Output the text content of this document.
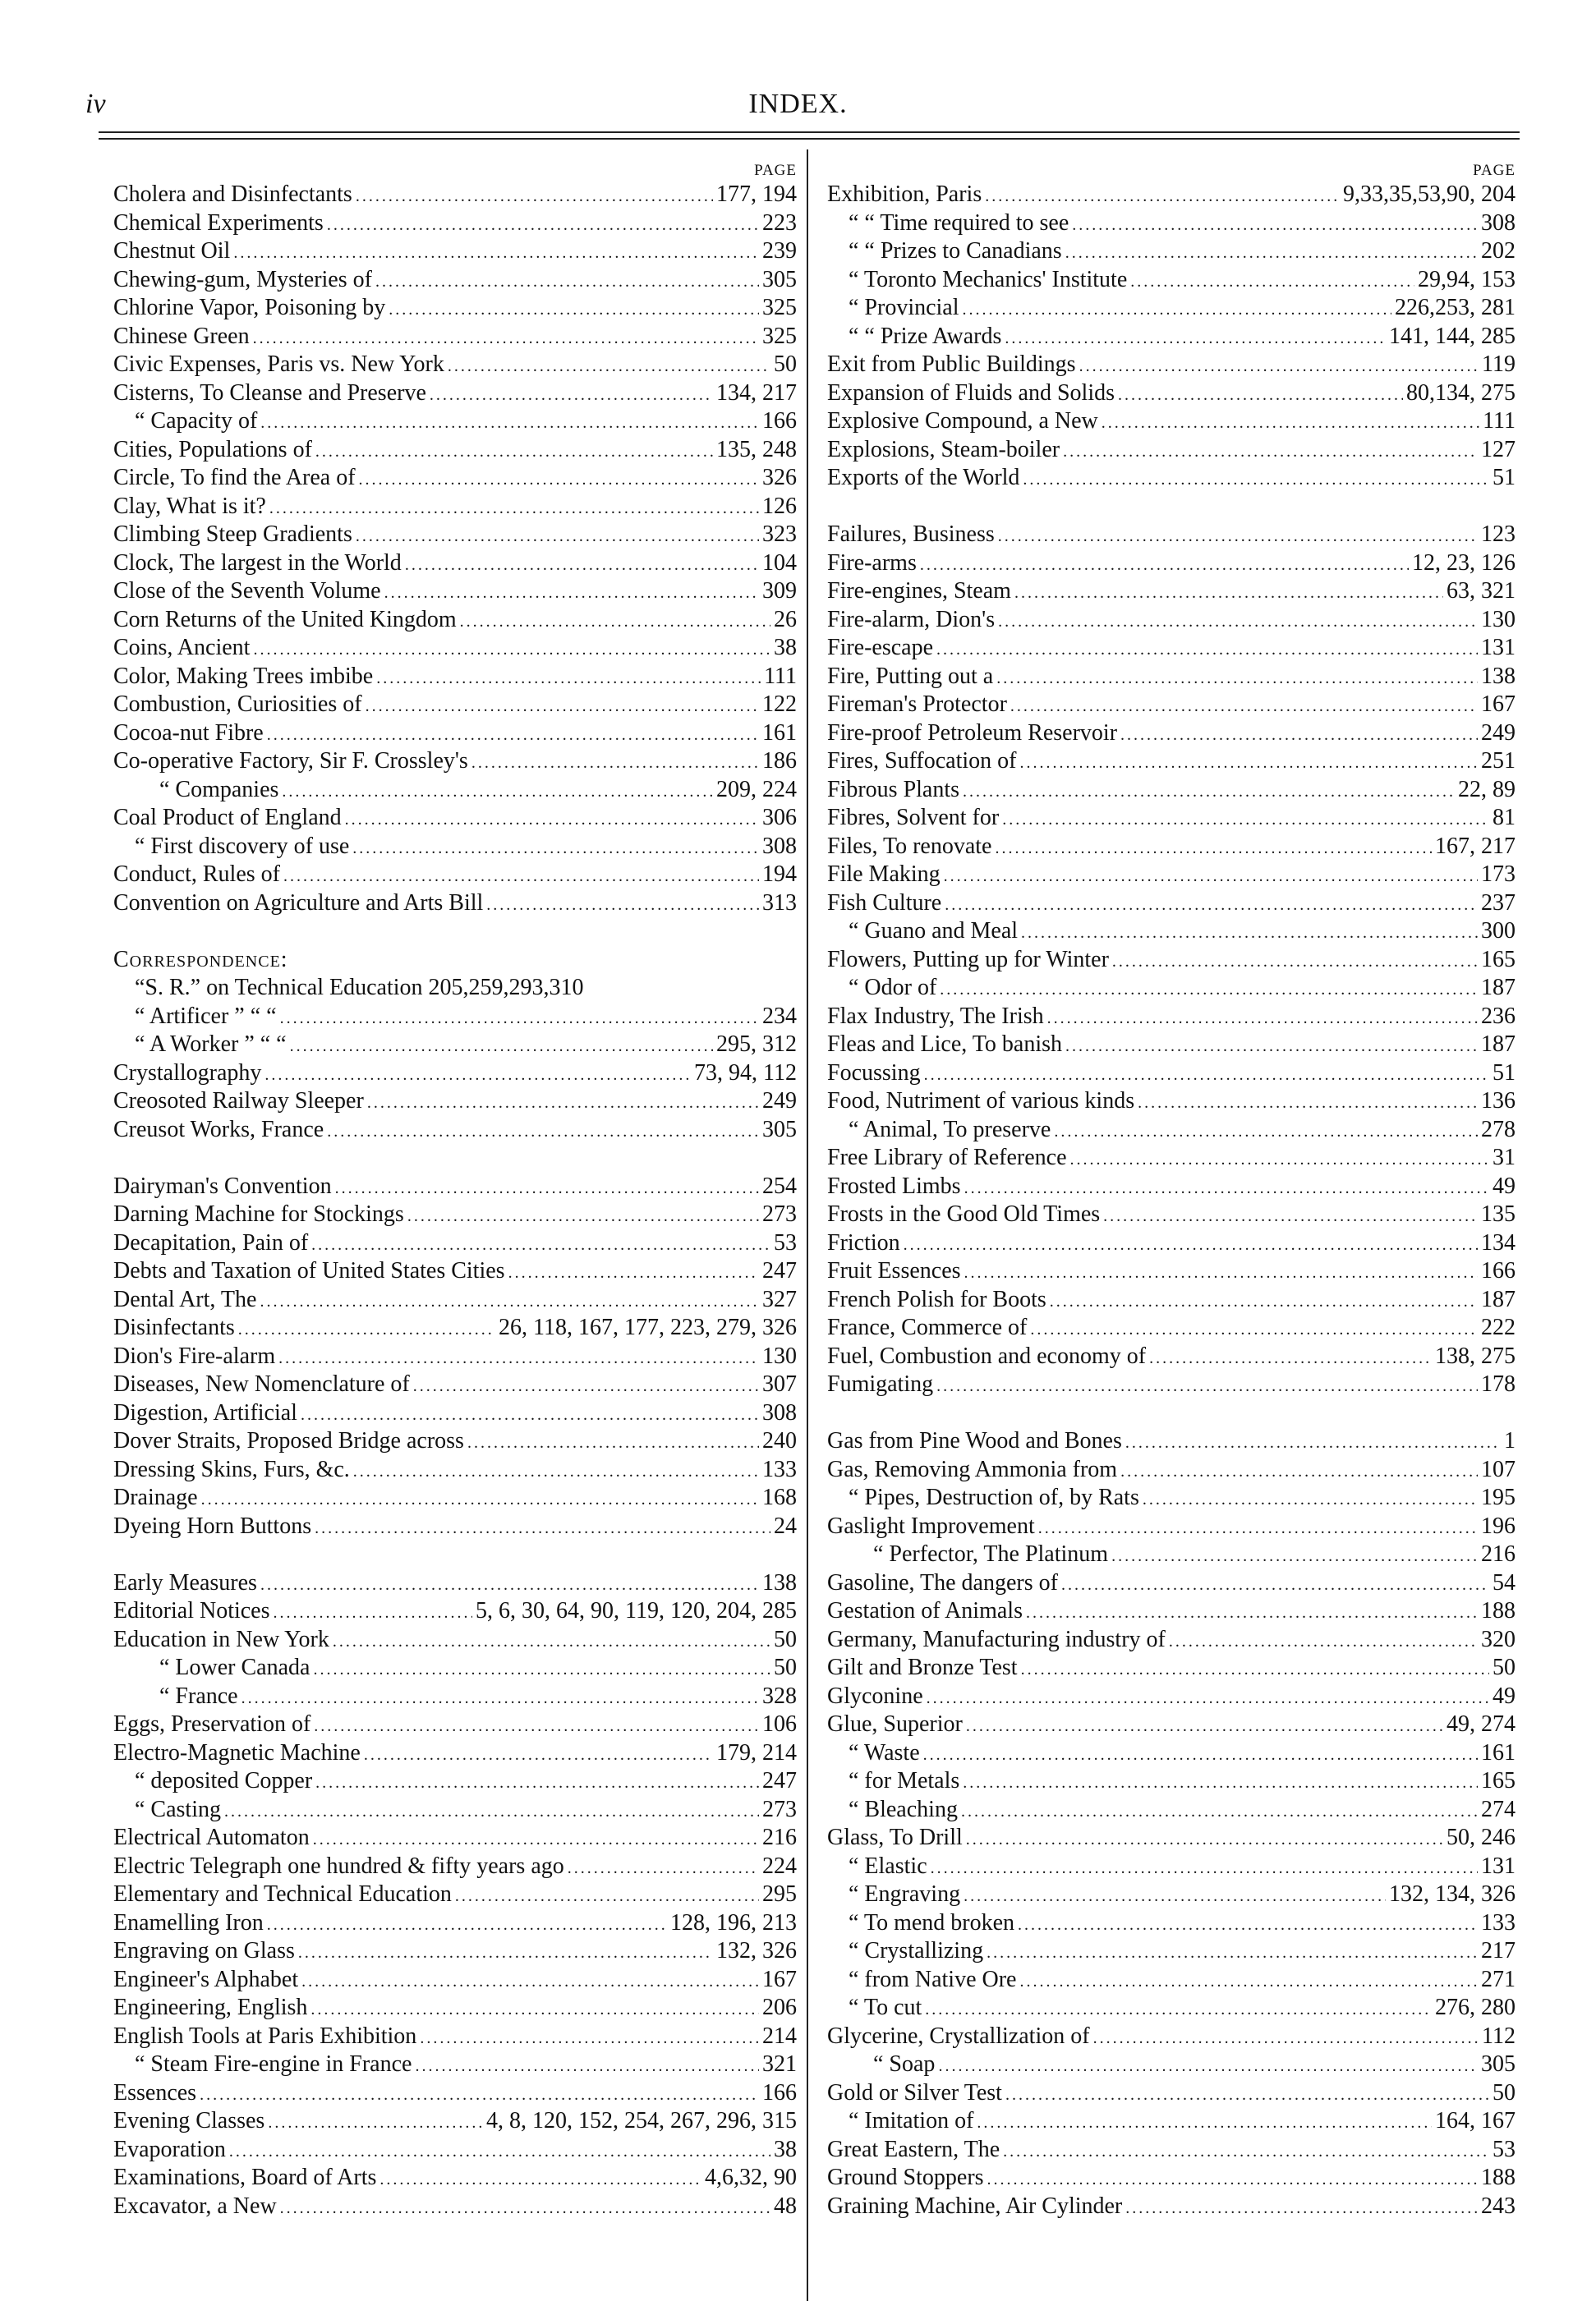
iv	INDEX.
PAGE
Cholera and Disinfectants . . .	177, 194
Chemical Experiments . . .	223
Chestnut Oil . . .	239
Chewing-gum, Mysteries of . . .	305
Chlorine Vapor, Poisoning by . . .	325
Chinese Green . . .	325
Civic Expenses, Paris vs. New York . . .	50
Cisterns, To Cleanse and Preserve . . .	134, 217
“ Capacity of . . .	166
Cities, Populations of . . .	135, 248
Circle, To find the Area of . . .	326
Clay, What is it? . . .	126
Climbing Steep Gradients . . .	323
Clock, The largest in the World . . .	104
Close of the Seventh Volume . . .	309
Corn Returns of the United Kingdom . . .	26
Coins, Ancient . . .	38
Color, Making Trees imbibe . . .	111
Combustion, Curiosities of . . .	122
Cocoa-nut Fibre . . .	161
Co-operative Factory, Sir F. Crossley's . . .	186
“ Companies . . .	209, 224
Coal Product of England . . .	306
“ First discovery of use . . .	308
Conduct, Rules of . . .	194
Convention on Agriculture and Arts Bill . . .	313
Correspondence:
“S. R.” on Technical Education 205,259,293,310
“ Artificer ” “ “ . . .	234
“ A Worker ” “ “ . . .	295, 312
Crystallography . . .	73, 94, 112
Creosoted Railway Sleeper . . .	249
Creusot Works, France . . .	305
Dairyman's Convention . . .	254
Darning Machine for Stockings . . .	273
Decapitation, Pain of . . .	53
Debts and Taxation of United States Cities . . .	247
Dental Art, The . . .	327
Disinfectants . . .	26, 118, 167, 177, 223, 279, 326
Dion's Fire-alarm . . .	130
Diseases, New Nomenclature of . . .	307
Digestion, Artificial . . .	308
Dover Straits, Proposed Bridge across . . .	240
Dressing Skins, Furs, &c. . . .	133
Drainage . . .	168
Dyeing Horn Buttons . . .	24
Early Measures . . .	138
Editorial Notices . . .	5, 6, 30, 64, 90, 119, 120, 204, 285
Education in New York . . .	50
“ Lower Canada . . .	50
“ France . . .	328
Eggs, Preservation of . . .	106
Electro-Magnetic Machine . . .	179, 214
“ deposited Copper . . .	247
“ Casting . . .	273
Electrical Automaton . . .	216
Electric Telegraph one hundred & fifty years ago . . .	224
Elementary and Technical Education . . .	295
Enamelling Iron . . .	128, 196, 213
Engraving on Glass . . .	132, 326
Engineer's Alphabet . . .	167
Engineering, English . . .	206
English Tools at Paris Exhibition . . .	214
“ Steam Fire-engine in France . . .	321
Essences . . .	166
Evening Classes . . .	4, 8, 120, 152, 254, 267, 296, 315
Evaporation . . .	38
Examinations, Board of Arts . . .	4,6,32, 90
Excavator, a New . . .	48
PAGE
Exhibition, Paris . . .	9,33,35,53,90, 204
“ “ Time required to see . . .	308
“ “ Prizes to Canadians . . .	202
“ Toronto Mechanics' Institute . . .	29,94, 153
“ Provincial . . .	226,253, 281
“ “ Prize Awards . . .	141, 144, 285
Exit from Public Buildings . . .	119
Expansion of Fluids and Solids . . .	80,134, 275
Explosive Compound, a New . . .	111
Explosions, Steam-boiler . . .	127
Exports of the World . . .	51
Failures, Business . . .	123
Fire-arms . . .	12, 23, 126
Fire-engines, Steam . . .	63, 321
Fire-alarm, Dion's . . .	130
Fire-escape . . .	131
Fire, Putting out a . . .	138
Fireman's Protector . . .	167
Fire-proof Petroleum Reservoir . . .	249
Fires, Suffocation of . . .	251
Fibrous Plants . . .	22, 89
Fibres, Solvent for . . .	81
Files, To renovate . . .	167, 217
File Making . . .	173
Fish Culture . . .	237
“ Guano and Meal . . .	300
Flowers, Putting up for Winter . . .	165
“ Odor of . . .	187
Flax Industry, The Irish . . .	236
Fleas and Lice, To banish . . .	187
Focussing . . .	51
Food, Nutriment of various kinds . . .	136
“ Animal, To preserve . . .	278
Free Library of Reference . . .	31
Frosted Limbs . . .	49
Frosts in the Good Old Times . . .	135
Friction . . .	134
Fruit Essences . . .	166
French Polish for Boots . . .	187
France, Commerce of . . .	222
Fuel, Combustion and economy of . . .	138, 275
Fumigating . . .	178
Gas from Pine Wood and Bones . . .	1
Gas, Removing Ammonia from . . .	107
“ Pipes, Destruction of, by Rats . . .	195
Gaslight Improvement . . .	196
“ Perfector, The Platinum . . .	216
Gasoline, The dangers of . . .	54
Gestation of Animals . . .	188
Germany, Manufacturing industry of . . .	320
Gilt and Bronze Test . . .	50
Glyconine . . .	49
Glue, Superior . . .	49, 274
“ Waste . . .	161
“ for Metals . . .	165
“ Bleaching . . .	274
Glass, To Drill . . .	50, 246
“ Elastic . . .	131
“ Engraving . . .	132, 134, 326
“ To mend broken . . .	133
“ Crystallizing . . .	217
“ from Native Ore . . .	271
“ To cut . . .	276, 280
Glycerine, Crystallization of . . .	112
“ Soap . . .	305
Gold or Silver Test . . .	50
“ Imitation of . . .	164, 167
Great Eastern, The . . .	53
Ground Stoppers . . .	188
Graining Machine, Air Cylinder . . .	243
